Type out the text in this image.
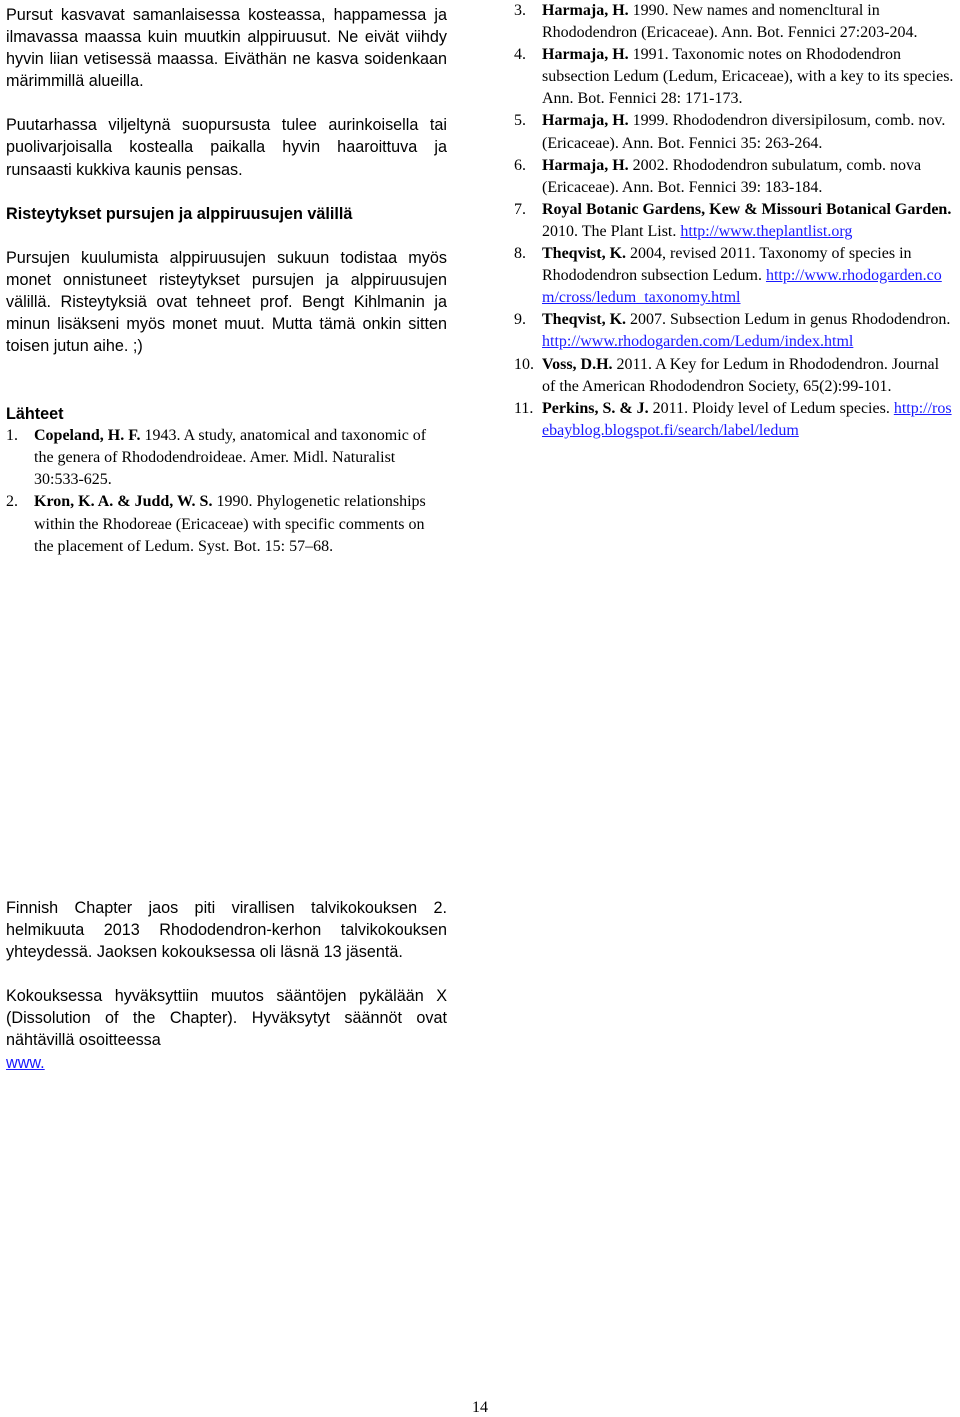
Pursut kasvavat samanlaisessa kosteassa, happamessa ja ilmavassa maassa kuin muutkin alppiruusut. Ne eivät viihdy hyvin liian vetisessä maassa. Eiväthän ne kasva soidenkaan märimmillä alueilla.

Puutarhassa viljeltynä suopursusta tulee aurinkoisella tai puolivarjoisalla kostealla paikalla hyvin haaroittuva ja runsaasti kukkiva kaunis pensas.

Risteytykset pursujen ja alppiruusujen välillä

Pursujen kuulumista alppiruusujen sukuun todistaa myös monet onnistuneet risteytykset pursujen ja alppiruusujen välillä. Risteytyksiä ovat tehneet prof. Bengt Kihlmanin ja minun lisäkseni myös monet muut. Mutta tämä onkin sitten toisen jutun aihe. ;)

Lähteet
1. Copeland, H. F. 1943. A study, anatomical and taxonomic of the genera of Rhododendroideae. Amer. Midl. Naturalist 30:533-625.
2. Kron, K. A. & Judd, W. S. 1990. Phylogenetic relationships within the Rhodoreae (Ericaceae) with specific comments on the placement of Ledum. Syst. Bot. 15: 57–68.

Finnish Chapter jaos piti virallisen talvikokouksen 2. helmikuuta 2013 Rhododendron-kerhon talvikokouksen yhteydessä. Jaoksen kokouksessa oli läsnä 13 jäsentä.

Kokouksessa hyväksyttiin muutos sääntöjen pykälään X (Dissolution of the Chapter). Hyväksytyt säännöt ovat nähtävillä osoitteessa
www.

3. Harmaja, H. 1990. New names and nomencltural in Rhododendron (Ericaceae). Ann. Bot. Fennici 27:203-204.
4. Harmaja, H. 1991. Taxonomic notes on Rhododendron subsection Ledum (Ledum, Ericaceae), with a key to its species. Ann. Bot. Fennici 28: 171-173.
5. Harmaja, H. 1999. Rhododendron diversipilosum, comb. nov. (Ericaceae). Ann. Bot. Fennici 35: 263-264.
6. Harmaja, H. 2002. Rhododendron subulatum, comb. nova (Ericaceae). Ann. Bot. Fennici 39: 183-184.
7. Royal Botanic Gardens, Kew & Missouri Botanical Garden. 2010. The Plant List. http://www.theplantlist.org
8. Theqvist, K. 2004, revised 2011. Taxonomy of species in Rhododendron subsection Ledum. http://www.rhodogarden.com/cross/ledum_taxonomy.html
9. Theqvist, K. 2007. Subsection Ledum in genus Rhododendron. http://www.rhodogarden.com/Ledum/index.html
10. Voss, D.H. 2011. A Key for Ledum in Rhododendron. Journal of the American Rhododendron Society, 65(2):99-101.
11. Perkins, S. & J. 2011. Ploidy level of Ledum species. http://rosebayblog.blogspot.fi/search/label/ledum
14
